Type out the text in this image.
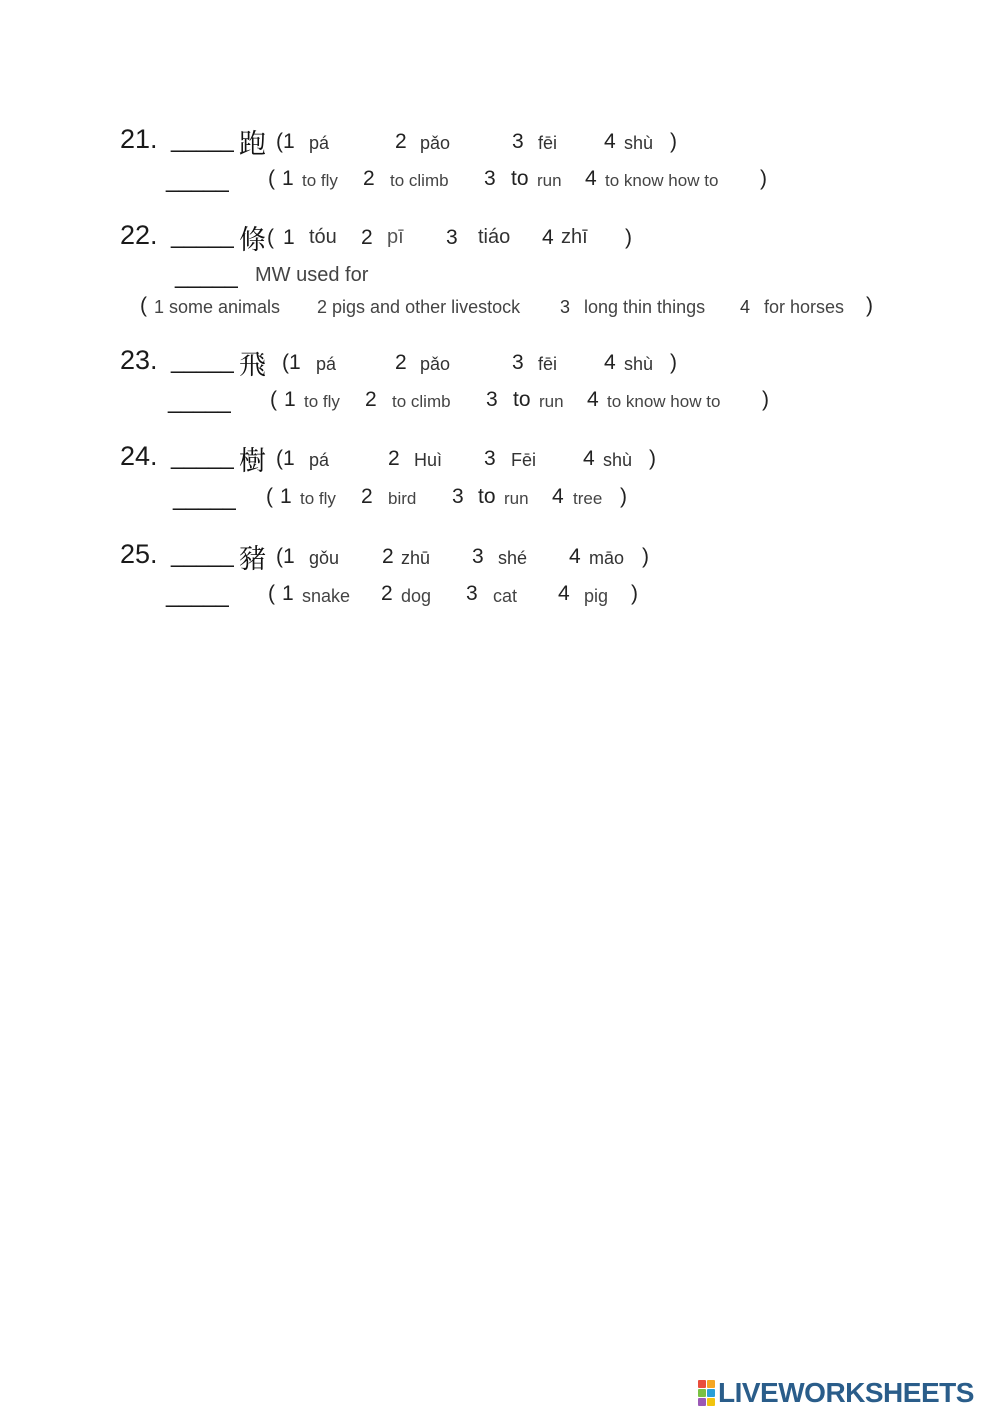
21. _____ 跑 (1 pá	2 pǎo	3 fēi 4 shù )
_____ ( 1 to fly 2 to climb 3 to run 4 to know how to )
22. _____ 條 ( 1 tóu 2 pī 3 tiáo 4 zhī )
_____ MW used for
( 1 some animals 2 pigs and other livestock 3 long thin things 4 for horses )
23. _____ 飛 (1 pá	2 pǎo	3 fēi 4 shù )
_____ ( 1 to fly 2 to climb 3 to run 4 to know how to )
24. _____ 樹 (1 pá	2 Huì 3 Fēi 4 shù )
_____ ( 1 to fly 2 bird 3 to run 4 tree )
25. _____ 豬 (1 gǒu 2 zhū 3 shé 4 māo )
_____ ( 1 snake 2 dog 3 cat 4 pig )
LIVEWORKSHEETS
